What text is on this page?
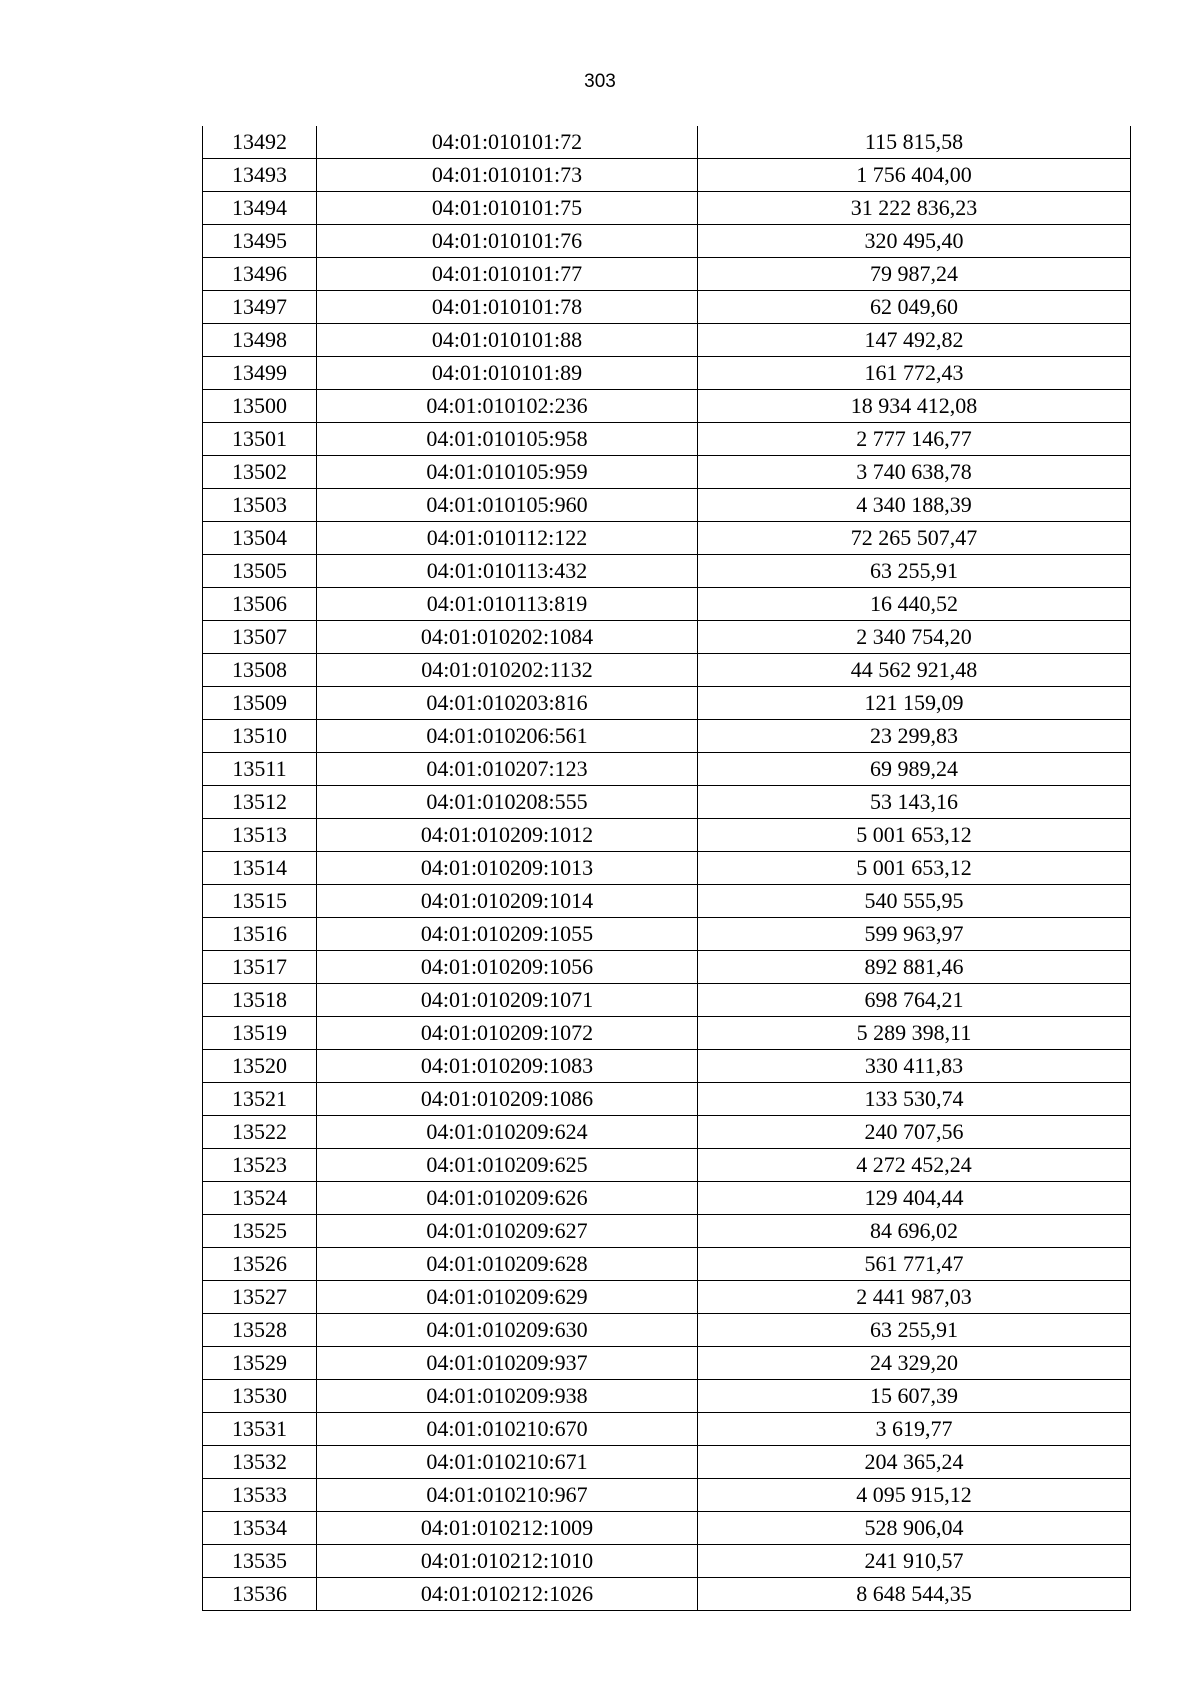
303
13492	04:01:010101:72	115 815,58
13493	04:01:010101:73	1 756 404,00
13494	04:01:010101:75	31 222 836,23
13495	04:01:010101:76	320 495,40
13496	04:01:010101:77	79 987,24
13497	04:01:010101:78	62 049,60
13498	04:01:010101:88	147 492,82
13499	04:01:010101:89	161 772,43
13500	04:01:010102:236	18 934 412,08
13501	04:01:010105:958	2 777 146,77
13502	04:01:010105:959	3 740 638,78
13503	04:01:010105:960	4 340 188,39
13504	04:01:010112:122	72 265 507,47
13505	04:01:010113:432	63 255,91
13506	04:01:010113:819	16 440,52
13507	04:01:010202:1084	2 340 754,20
13508	04:01:010202:1132	44 562 921,48
13509	04:01:010203:816	121 159,09
13510	04:01:010206:561	23 299,83
13511	04:01:010207:123	69 989,24
13512	04:01:010208:555	53 143,16
13513	04:01:010209:1012	5 001 653,12
13514	04:01:010209:1013	5 001 653,12
13515	04:01:010209:1014	540 555,95
13516	04:01:010209:1055	599 963,97
13517	04:01:010209:1056	892 881,46
13518	04:01:010209:1071	698 764,21
13519	04:01:010209:1072	5 289 398,11
13520	04:01:010209:1083	330 411,83
13521	04:01:010209:1086	133 530,74
13522	04:01:010209:624	240 707,56
13523	04:01:010209:625	4 272 452,24
13524	04:01:010209:626	129 404,44
13525	04:01:010209:627	84 696,02
13526	04:01:010209:628	561 771,47
13527	04:01:010209:629	2 441 987,03
13528	04:01:010209:630	63 255,91
13529	04:01:010209:937	24 329,20
13530	04:01:010209:938	15 607,39
13531	04:01:010210:670	3 619,77
13532	04:01:010210:671	204 365,24
13533	04:01:010210:967	4 095 915,12
13534	04:01:010212:1009	528 906,04
13535	04:01:010212:1010	241 910,57
13536	04:01:010212:1026	8 648 544,35
